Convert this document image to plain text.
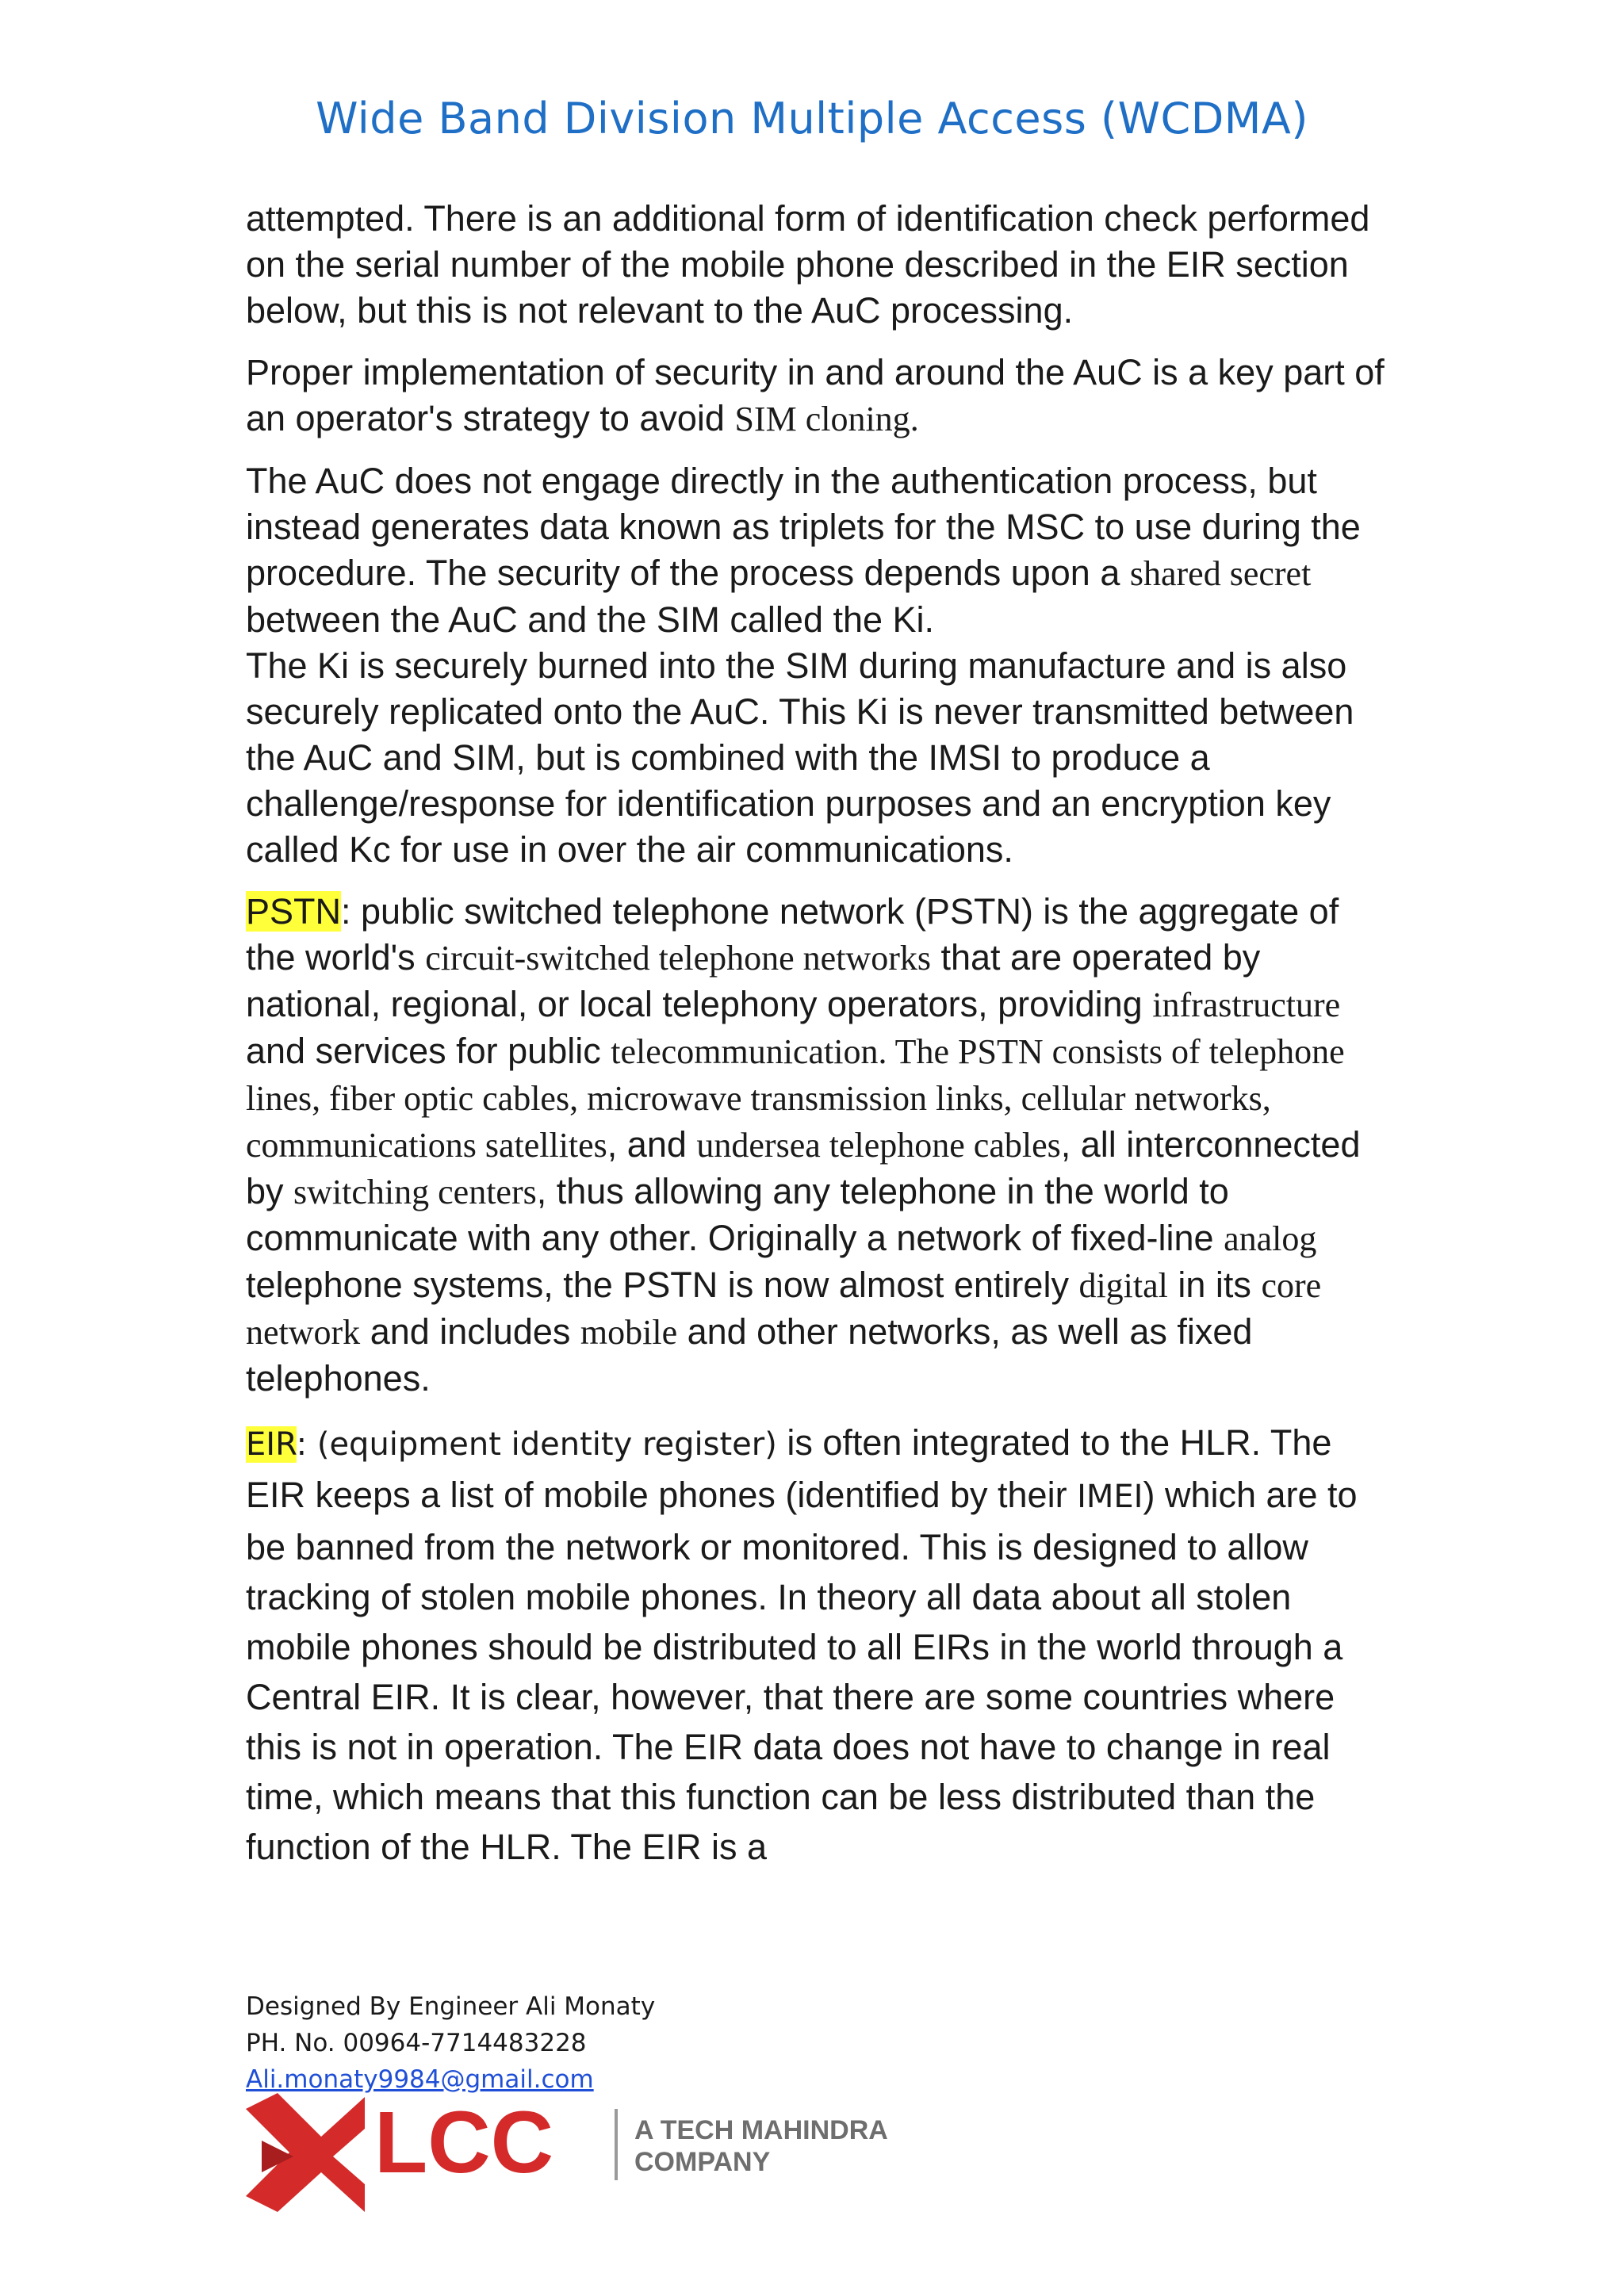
Wide Band Division Multiple Access (WCDMA)

attempted. There is an additional form of identification check performed on the serial number of the mobile phone described in the EIR section below, but this is not relevant to the AuC processing.

Proper implementation of security in and around the AuC is a key part of an operator's strategy to avoid SIM cloning.

The AuC does not engage directly in the authentication process, but instead generates data known as triplets for the MSC to use during the procedure. The security of the process depends upon a shared secret between the AuC and the SIM called the Ki.
The Ki is securely burned into the SIM during manufacture and is also securely replicated onto the AuC. This Ki is never transmitted between the AuC and SIM, but is combined with the IMSI to produce a challenge/response for identification purposes and an encryption key called Kc for use in over the air communications.

PSTN: public switched telephone network (PSTN) is the aggregate of the world's circuit-switched telephone networks that are operated by national, regional, or local telephony operators, providing infrastructure and services for public telecommunication. The PSTN consists of telephone lines, fiber optic cables, microwave transmission links, cellular networks, communications satellites, and undersea telephone cables, all interconnected by switching centers, thus allowing any telephone in the world to communicate with any other. Originally a network of fixed-line analog telephone systems, the PSTN is now almost entirely digital in its core network and includes mobile and other networks, as well as fixed telephones.

EIR: (equipment identity register) is often integrated to the HLR. The EIR keeps a list of mobile phones (identified by their IMEI) which are to be banned from the network or monitored. This is designed to allow tracking of stolen mobile phones. In theory all data about all stolen mobile phones should be distributed to all EIRs in the world through a Central EIR. It is clear, however, that there are some countries where this is not in operation. The EIR data does not have to change in real time, which means that this function can be less distributed than the function of the HLR. The EIR is a

Designed By Engineer Ali Monaty
PH. No. 00964-7714483228
Ali.monaty9984@gmail.com
LCC	A TECH MAHINDRA
COMPANY
